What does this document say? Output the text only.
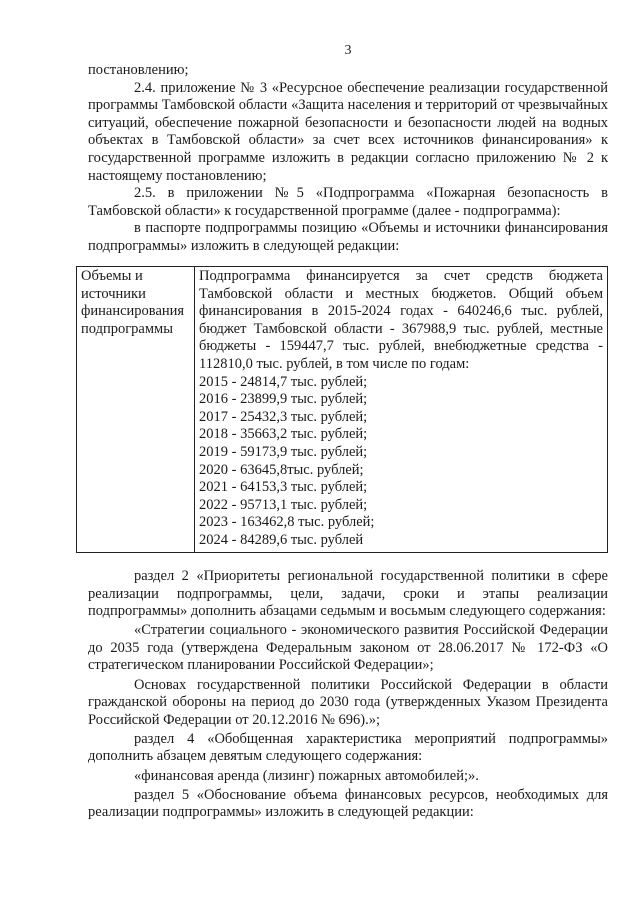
3

постановлению;

2.4. приложение № 3 «Ресурсное обеспечение реализации государственной программы Тамбовской области «Защита населения и территорий от чрезвычайных ситуаций, обеспечение пожарной безопасности и безопасности людей на водных объектах в Тамбовской области» за счет всех источников финансирования» к государственной программе изложить в редакции согласно приложению № 2 к настоящему постановлению;

2.5. в приложении №5 «Подпрограмма «Пожарная безопасность в Тамбовской области» к государственной программе (далее - подпрограмма):

в паспорте подпрограммы позицию «Объемы и источники финансирования подпрограммы» изложить в следующей редакции:

Объемы и источники финансирования подпрограммы	Подпрограмма финансируется за счет средств бюджета Тамбовской области и местных бюджетов. Общий объем финансирования в 2015-2024 годах - 640246,6 тыс. рублей, бюджет Тамбовской области - 367988,9 тыс. рублей, местные бюджеты - 159447,7 тыс. рублей, внебюджетные средства - 112810,0 тыс. рублей, в том числе по годам:
2015 - 24814,7 тыс. рублей;
2016 - 23899,9 тыс. рублей;
2017 - 25432,3 тыс. рублей;
2018 - 35663,2 тыс. рублей;
2019 - 59173,9 тыс. рублей;
2020 - 63645,8тыс. рублей;
2021 - 64153,3 тыс. рублей;
2022 - 95713,1 тыс. рублей;
2023 - 163462,8 тыс. рублей;
2024 - 84289,6 тыс. рублей

раздел 2 «Приоритеты региональной государственной политики в сфере реализации подпрограммы, цели, задачи, сроки и этапы реализации подпрограммы» дополнить абзацами седьмым и восьмым следующего содержания:

«Стратегии социального - экономического развития Российской Федерации до 2035 года (утверждена Федеральным законом от 28.06.2017 № 172-ФЗ «О стратегическом планировании Российской Федерации»;

Основах государственной политики Российской Федерации в области гражданской обороны на период до 2030 года (утвержденных Указом Президента Российской Федерации от 20.12.2016 № 696).»;

раздел 4 «Обобщенная характеристика мероприятий подпрограммы» дополнить абзацем девятым следующего содержания:

«финансовая аренда (лизинг) пожарных автомобилей;».

раздел 5 «Обоснование объема финансовых ресурсов, необходимых для реализации подпрограммы» изложить в следующей редакции:
